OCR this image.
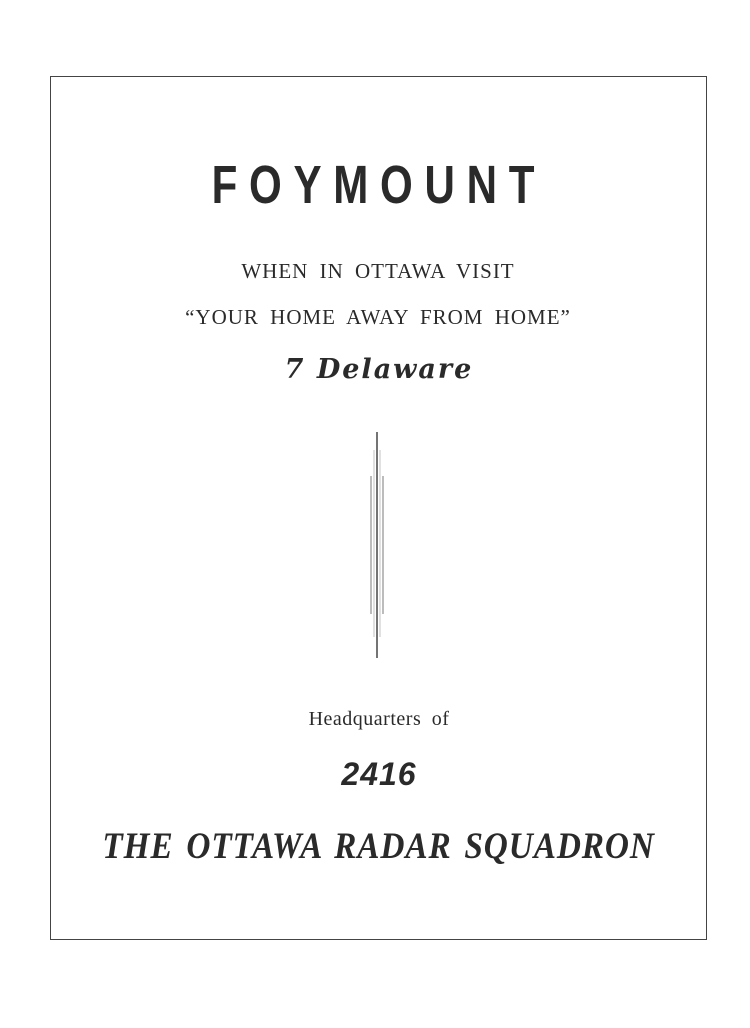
FOYMOUNT
WHEN IN OTTAWA VISIT
“YOUR HOME AWAY FROM HOME”
7 Delaware
Headquarters of
2416
THE OTTAWA RADAR SQUADRON
